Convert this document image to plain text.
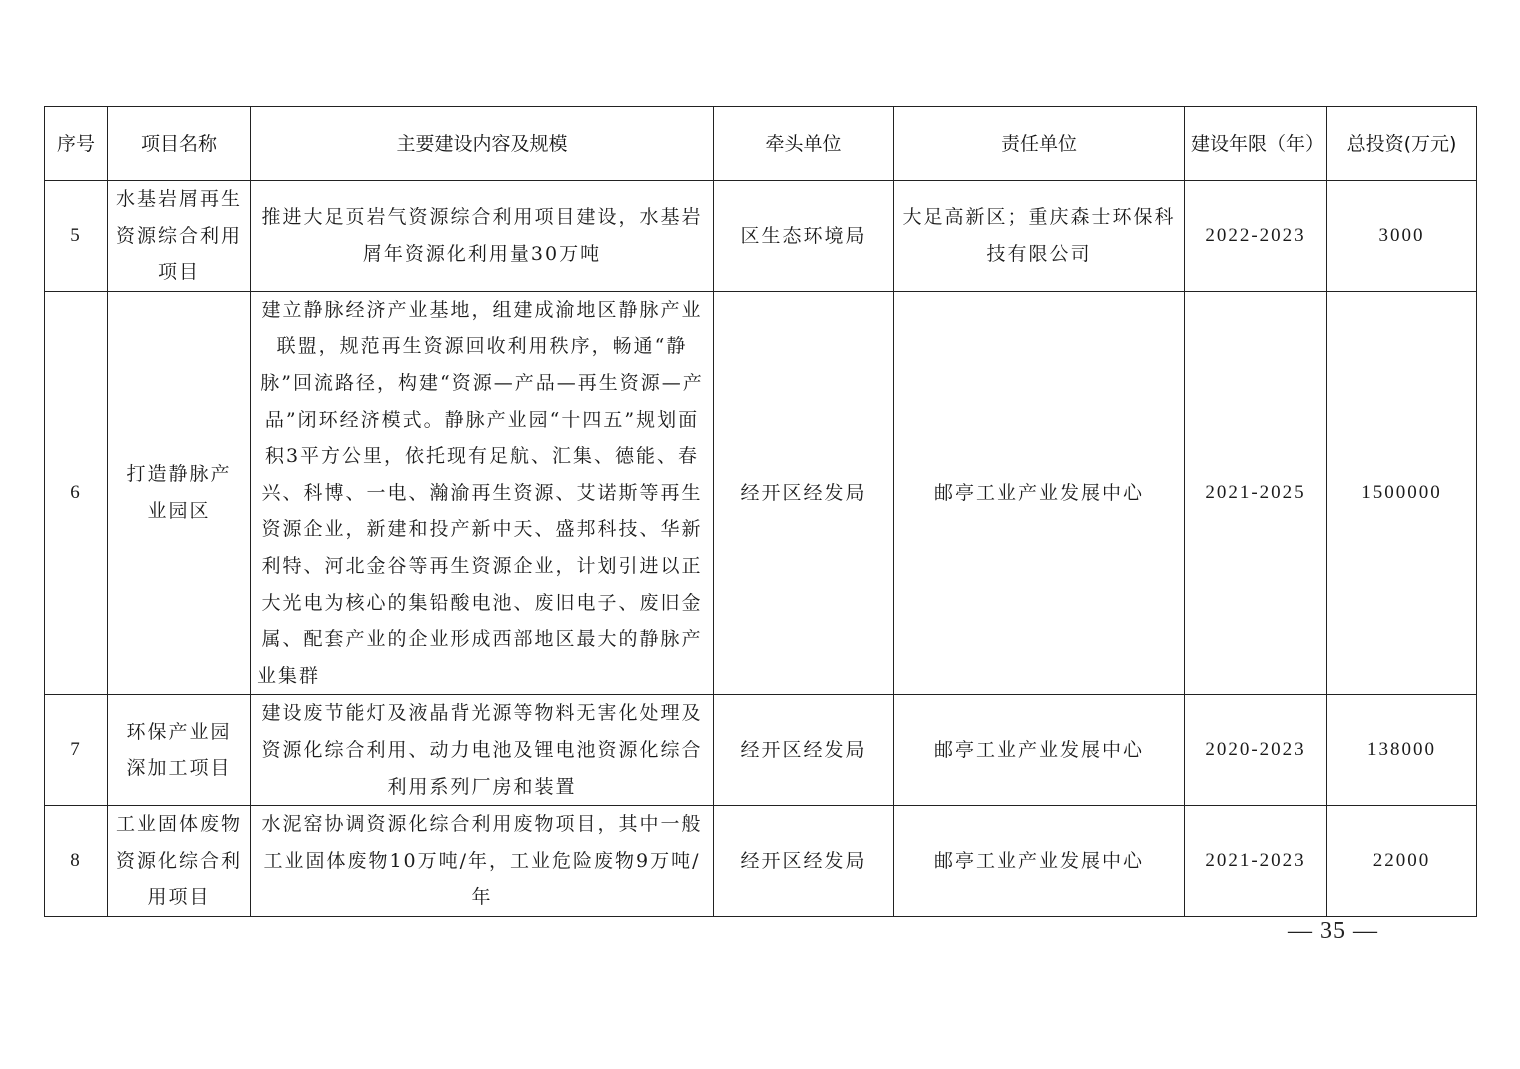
序号	项目名称	主要建设内容及规模	牵头单位	责任单位	建设年限（年）	总投资(万元)
5	水基岩屑再生资源综合利用项目	推进大足页岩气资源综合利用项目建设，水基岩屑年资源化利用量30万吨	区生态环境局	大足高新区；重庆森士环保科技有限公司	2022-2023	3000
6	打造静脉产业园区	建立静脉经济产业基地，组建成渝地区静脉产业联盟，规范再生资源回收利用秩序，畅通“静脉”回流路径，构建“资源—产品—再生资源—产品”闭环经济模式。静脉产业园“十四五”规划面积3平方公里，依托现有足航、汇集、德能、春兴、科博、一电、瀚渝再生资源、艾诺斯等再生资源企业，新建和投产新中天、盛邦科技、华新利特、河北金谷等再生资源企业，计划引进以正大光电为核心的集铅酸电池、废旧电子、废旧金属、配套产业的企业形成西部地区最大的静脉产业集群	经开区经发局	邮亭工业产业发展中心	2021-2025	1500000
7	环保产业园深加工项目	建设废节能灯及液晶背光源等物料无害化处理及资源化综合利用、动力电池及锂电池资源化综合利用系列厂房和装置	经开区经发局	邮亭工业产业发展中心	2020-2023	138000
8	工业固体废物资源化综合利用项目	水泥窑协调资源化综合利用废物项目，其中一般工业固体废物10万吨/年，工业危险废物9万吨/年	经开区经发局	邮亭工业产业发展中心	2021-2023	22000
— 35 —
